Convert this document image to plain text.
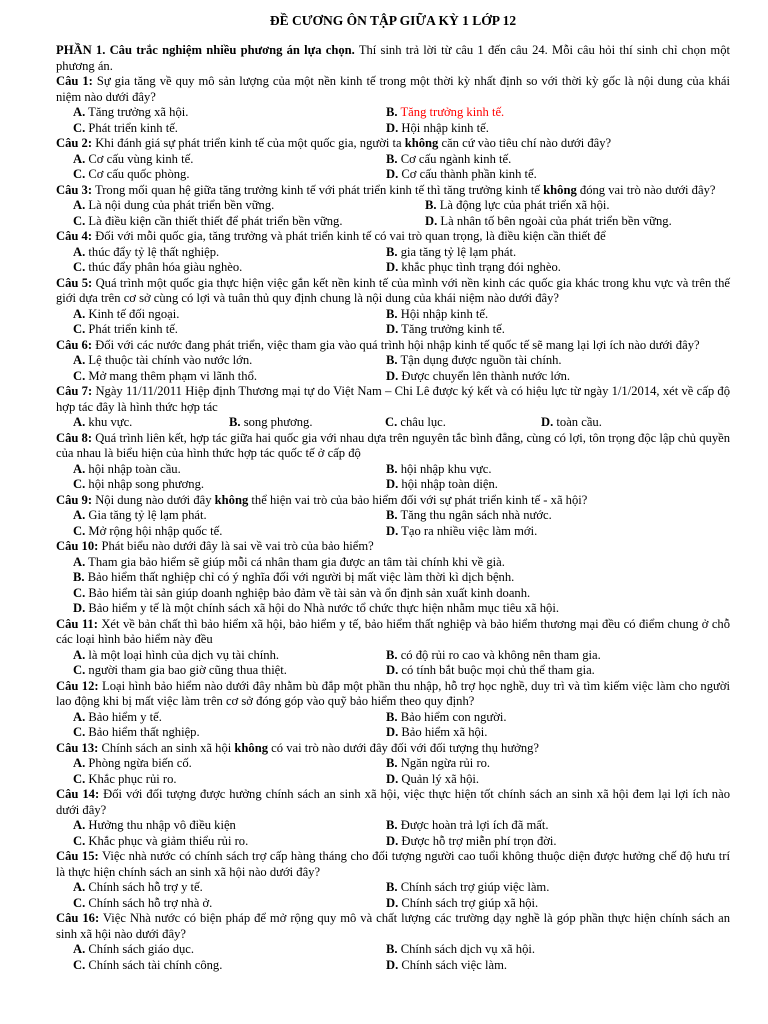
ĐỀ CƯƠNG ÔN TẬP GIỮA KỲ 1 LỚP 12

PHẦN 1. Câu trắc nghiệm nhiều phương án lựa chọn. Thí sinh trả lời từ câu 1 đến câu 24. Mỗi câu hỏi thí sinh chỉ chọn một phương án.

Câu 1: Sự gia tăng về quy mô sản lượng của một nền kinh tế trong một thời kỳ nhất định so với thời kỳ gốc là nội dung của khái niệm nào dưới đây?

A. Tăng trưởng xã hội.	B. Tăng trưởng kinh tế.
C. Phát triển kinh tế.	D. Hội nhập kinh tế.

Câu 2: Khi đánh giá sự phát triển kinh tế của một quốc gia, người ta không căn cứ vào tiêu chí nào dưới đây?

A. Cơ cấu vùng kinh tế.	B. Cơ cấu ngành kinh tế.
C. Cơ cấu quốc phòng.	D. Cơ cấu thành phần kinh tế.

Câu 3: Trong mối quan hệ giữa tăng trưởng kinh tế với phát triển kinh tế thì tăng trưởng kinh tế không đóng vai trò nào dưới đây?

A. Là nội dung của phát triển bền vững.	B. Là động lực của phát triển xã hội.
C. Là điều kiện cần thiết thiết để phát triển bền vững.	D. Là nhân tố bên ngoài của phát triển bền vững.

Câu 4: Đối với mỗi quốc gia, tăng trưởng và phát triển kinh tế có vai trò quan trọng, là điều kiện cần thiết để

A. thúc đẩy tỷ lệ thất nghiệp.	B. gia tăng tỷ lệ lạm phát.
C. thúc đẩy phân hóa giàu nghèo.	D. khắc phục tình trạng đói nghèo.

Câu 5: Quá trình một quốc gia thực hiện việc gắn kết nền kinh tế của mình với nền kinh các quốc gia khác trong khu vực và trên thế giới dựa trên cơ sở cùng có lợi và tuân thủ quy định chung là nội dung của khái niệm nào dưới đây?

A. Kinh tế đối ngoại.	B. Hội nhập kinh tế.
C. Phát triển kinh tế.	D. Tăng trưởng kinh tế.

Câu 6: Đối với các nước đang phát triển, việc tham gia vào quá trình hội nhập kinh tế quốc tế sẽ mang lại lợi ích nào dưới đây?

A. Lệ thuộc tài chính vào nước lớn.	B. Tận dụng được nguồn tài chính.
C. Mở mang thêm phạm vi lãnh thổ.	D. Được chuyển lên thành nước lớn.

Câu 7: Ngày 11/11/2011 Hiệp định Thương mại tự do Việt Nam – Chi Lê được ký kết và có hiệu lực từ ngày 1/1/2014, xét về cấp độ hợp tác đây là hình thức hợp tác

A. khu vực.	B. song phương.	C. châu lục.	D. toàn cầu.

Câu 8: Quá trình liên kết, hợp tác giữa hai quốc gia với nhau dựa trên nguyên tắc bình đẳng, cùng có lợi, tôn trọng độc lập chủ quyền của nhau là biểu hiện của hình thức hợp tác quốc tế ở cấp độ

A. hội nhập toàn cầu.	B. hội nhập khu vực.
C. hội nhập song phương.	D. hội nhập toàn diện.

Câu 9: Nội dung nào dưới đây không thể hiện vai trò của bảo hiểm đối với sự phát triển kinh tế - xã hội?

A. Gia tăng tỷ lệ lạm phát.	B. Tăng thu ngân sách nhà nước.
C. Mở rộng hội nhập quốc tế.	D. Tạo ra nhiều việc làm mới.

Câu 10: Phát biểu nào dưới đây là sai về vai trò của bảo hiểm?

A. Tham gia bảo hiểm sẽ giúp mỗi cá nhân tham gia được an tâm tài chính khi về già.
B. Bảo hiểm thất nghiệp chỉ có ý nghĩa đối với người bị mất việc làm thời kì dịch bệnh.
C. Bảo hiểm tài sản giúp doanh nghiệp bảo đảm về tài sản và ổn định sản xuất kinh doanh.
D. Bảo hiểm y tế là một chính sách xã hội do Nhà nước tổ chức thực hiện nhằm mục tiêu xã hội.

Câu 11: Xét về bản chất thì bảo hiểm xã hội, bảo hiểm y tế, bảo hiểm thất nghiệp và bảo hiểm thương mại đều có điểm chung ở chỗ các loại hình bảo hiểm này đều

A. là một loại hình của dịch vụ tài chính.	B. có độ rủi ro cao và không nên tham gia.
C. người tham gia bao giờ cũng thua thiệt.	D. có tính bắt buộc mọi chủ thể tham gia.

Câu 12: Loại hình bảo hiểm nào dưới đây nhằm bù đắp một phần thu nhập, hỗ trợ học nghề, duy trì và tìm kiếm việc làm cho người lao động khi bị mất việc làm trên cơ sở đóng góp vào quỹ bảo hiểm theo quy định?

A. Bảo hiểm y tế.	B. Bảo hiểm con người.
C. Bảo hiểm thất nghiệp.	D. Bảo hiểm xã hội.

Câu 13: Chính sách an sinh xã hội không có vai trò nào dưới đây đối với đối tượng thụ hưởng?

A. Phòng ngừa biến cố.	B. Ngăn ngừa rủi ro.
C. Khắc phục rủi ro.	D. Quản lý xã hội.

Câu 14: Đối với đối tượng được hưởng chính sách an sinh xã hội, việc thực hiện tốt chính sách an sinh xã hội đem lại lợi ích nào dưới đây?

A. Hưởng thu nhập vô điều kiện	B. Được hoàn trả lợi ích đã mất.
C. Khắc phục và giảm thiểu rủi ro.	D. Được hỗ trợ miễn phí trọn đời.

Câu 15: Việc nhà nước có chính sách trợ cấp hàng tháng cho đối tượng người cao tuổi không thuộc diện được hưởng chế độ hưu trí là thực hiện chính sách an sinh xã hội nào dưới đây?

A. Chính sách hỗ trợ y tế.	B. Chính sách trợ giúp việc làm.
C. Chính sách hỗ trợ nhà ở.	D. Chính sách trợ giúp xã hội.

Câu 16: Việc Nhà nước có biện pháp để mở rộng quy mô và chất lượng các trường dạy nghề là góp phần thực hiện chính sách an sinh xã hội nào dưới đây?

A. Chính sách giáo dục.	B. Chính sách dịch vụ xã hội.
C. Chính sách tài chính công.	D. Chính sách việc làm.
